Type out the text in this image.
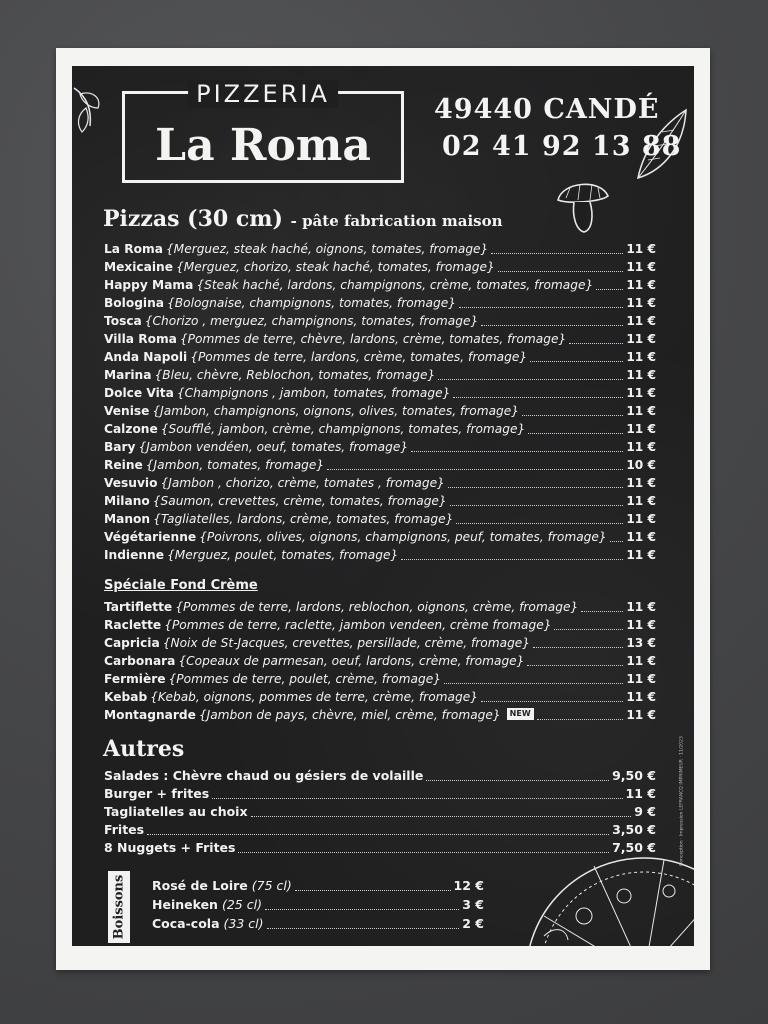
PIZZERIA
La Roma
49440 CANDÉ
02 41 92 13 88
Pizzas (30 cm) - pâte fabrication maison
La Roma {Merguez, steak haché, oignons, tomates, fromage}	11 €
Mexicaine {Merguez, chorizo, steak haché, tomates, fromage}	11 €
Happy Mama {Steak haché, lardons, champignons, crème, tomates, fromage}	11 €
Bologina {Bolognaise, champignons, tomates, fromage}	11 €
Tosca {Chorizo , merguez, champignons, tomates, fromage}	11 €
Villa Roma {Pommes de terre, chèvre, lardons, crème, tomates, fromage}	11 €
Anda Napoli {Pommes de terre, lardons, crème, tomates, fromage}	11 €
Marina {Bleu, chèvre, Reblochon, tomates, fromage}	11 €
Dolce Vita {Champignons , jambon, tomates, fromage}	11 €
Venise {Jambon, champignons, oignons, olives, tomates, fromage}	11 €
Calzone {Soufflé, jambon, crème, champignons, tomates, fromage}	11 €
Bary {Jambon vendéen, oeuf, tomates, fromage}	11 €
Reine {Jambon, tomates, fromage}	10 €
Vesuvio {Jambon , chorizo, crème, tomates , fromage}	11 €
Milano {Saumon, crevettes, crème, tomates, fromage}	11 €
Manon {Tagliatelles, lardons, crème, tomates, fromage}	11 €
Végétarienne {Poivrons, olives, oignons, champignons, peuf, tomates, fromage} 11 €
Indienne {Merguez, poulet, tomates, fromage}	11 €
Spéciale Fond Crème
Tartiflette {Pommes de terre, lardons, reblochon, oignons, crème, fromage}	11 €
Raclette {Pommes de terre, raclette, jambon vendeen, crème fromage}	11 €
Capricia {Noix de St-Jacques, crevettes, persillade, crème, fromage}	13 €
Carbonara {Copeaux de parmesan, oeuf, lardons, crème, fromage}	11 €
Fermière {Pommes de terre, poulet, crème, fromage}	11 €
Kebab {Kebab, oignons, pommes de terre, crème, fromage}	11 €
Montagnarde {Jambon de pays, chèvre, miel, crème, fromage}	NEW	11 €
Autres
Salades : Chèvre chaud ou gésiers de volaille	9,50 €
Burger + frites	11 €
Tagliatelles au choix	9 €
Frites	3,50 €
8 Nuggets + Frites	7,50 €
Boissons Rosé de Loire (75 cl)	12 €
Heineken (25 cl)	3 €
Coca-cola (33 cl)	2 €
Conception · Impression LEFRANCQ IMPRIMEUR · 11/2023
